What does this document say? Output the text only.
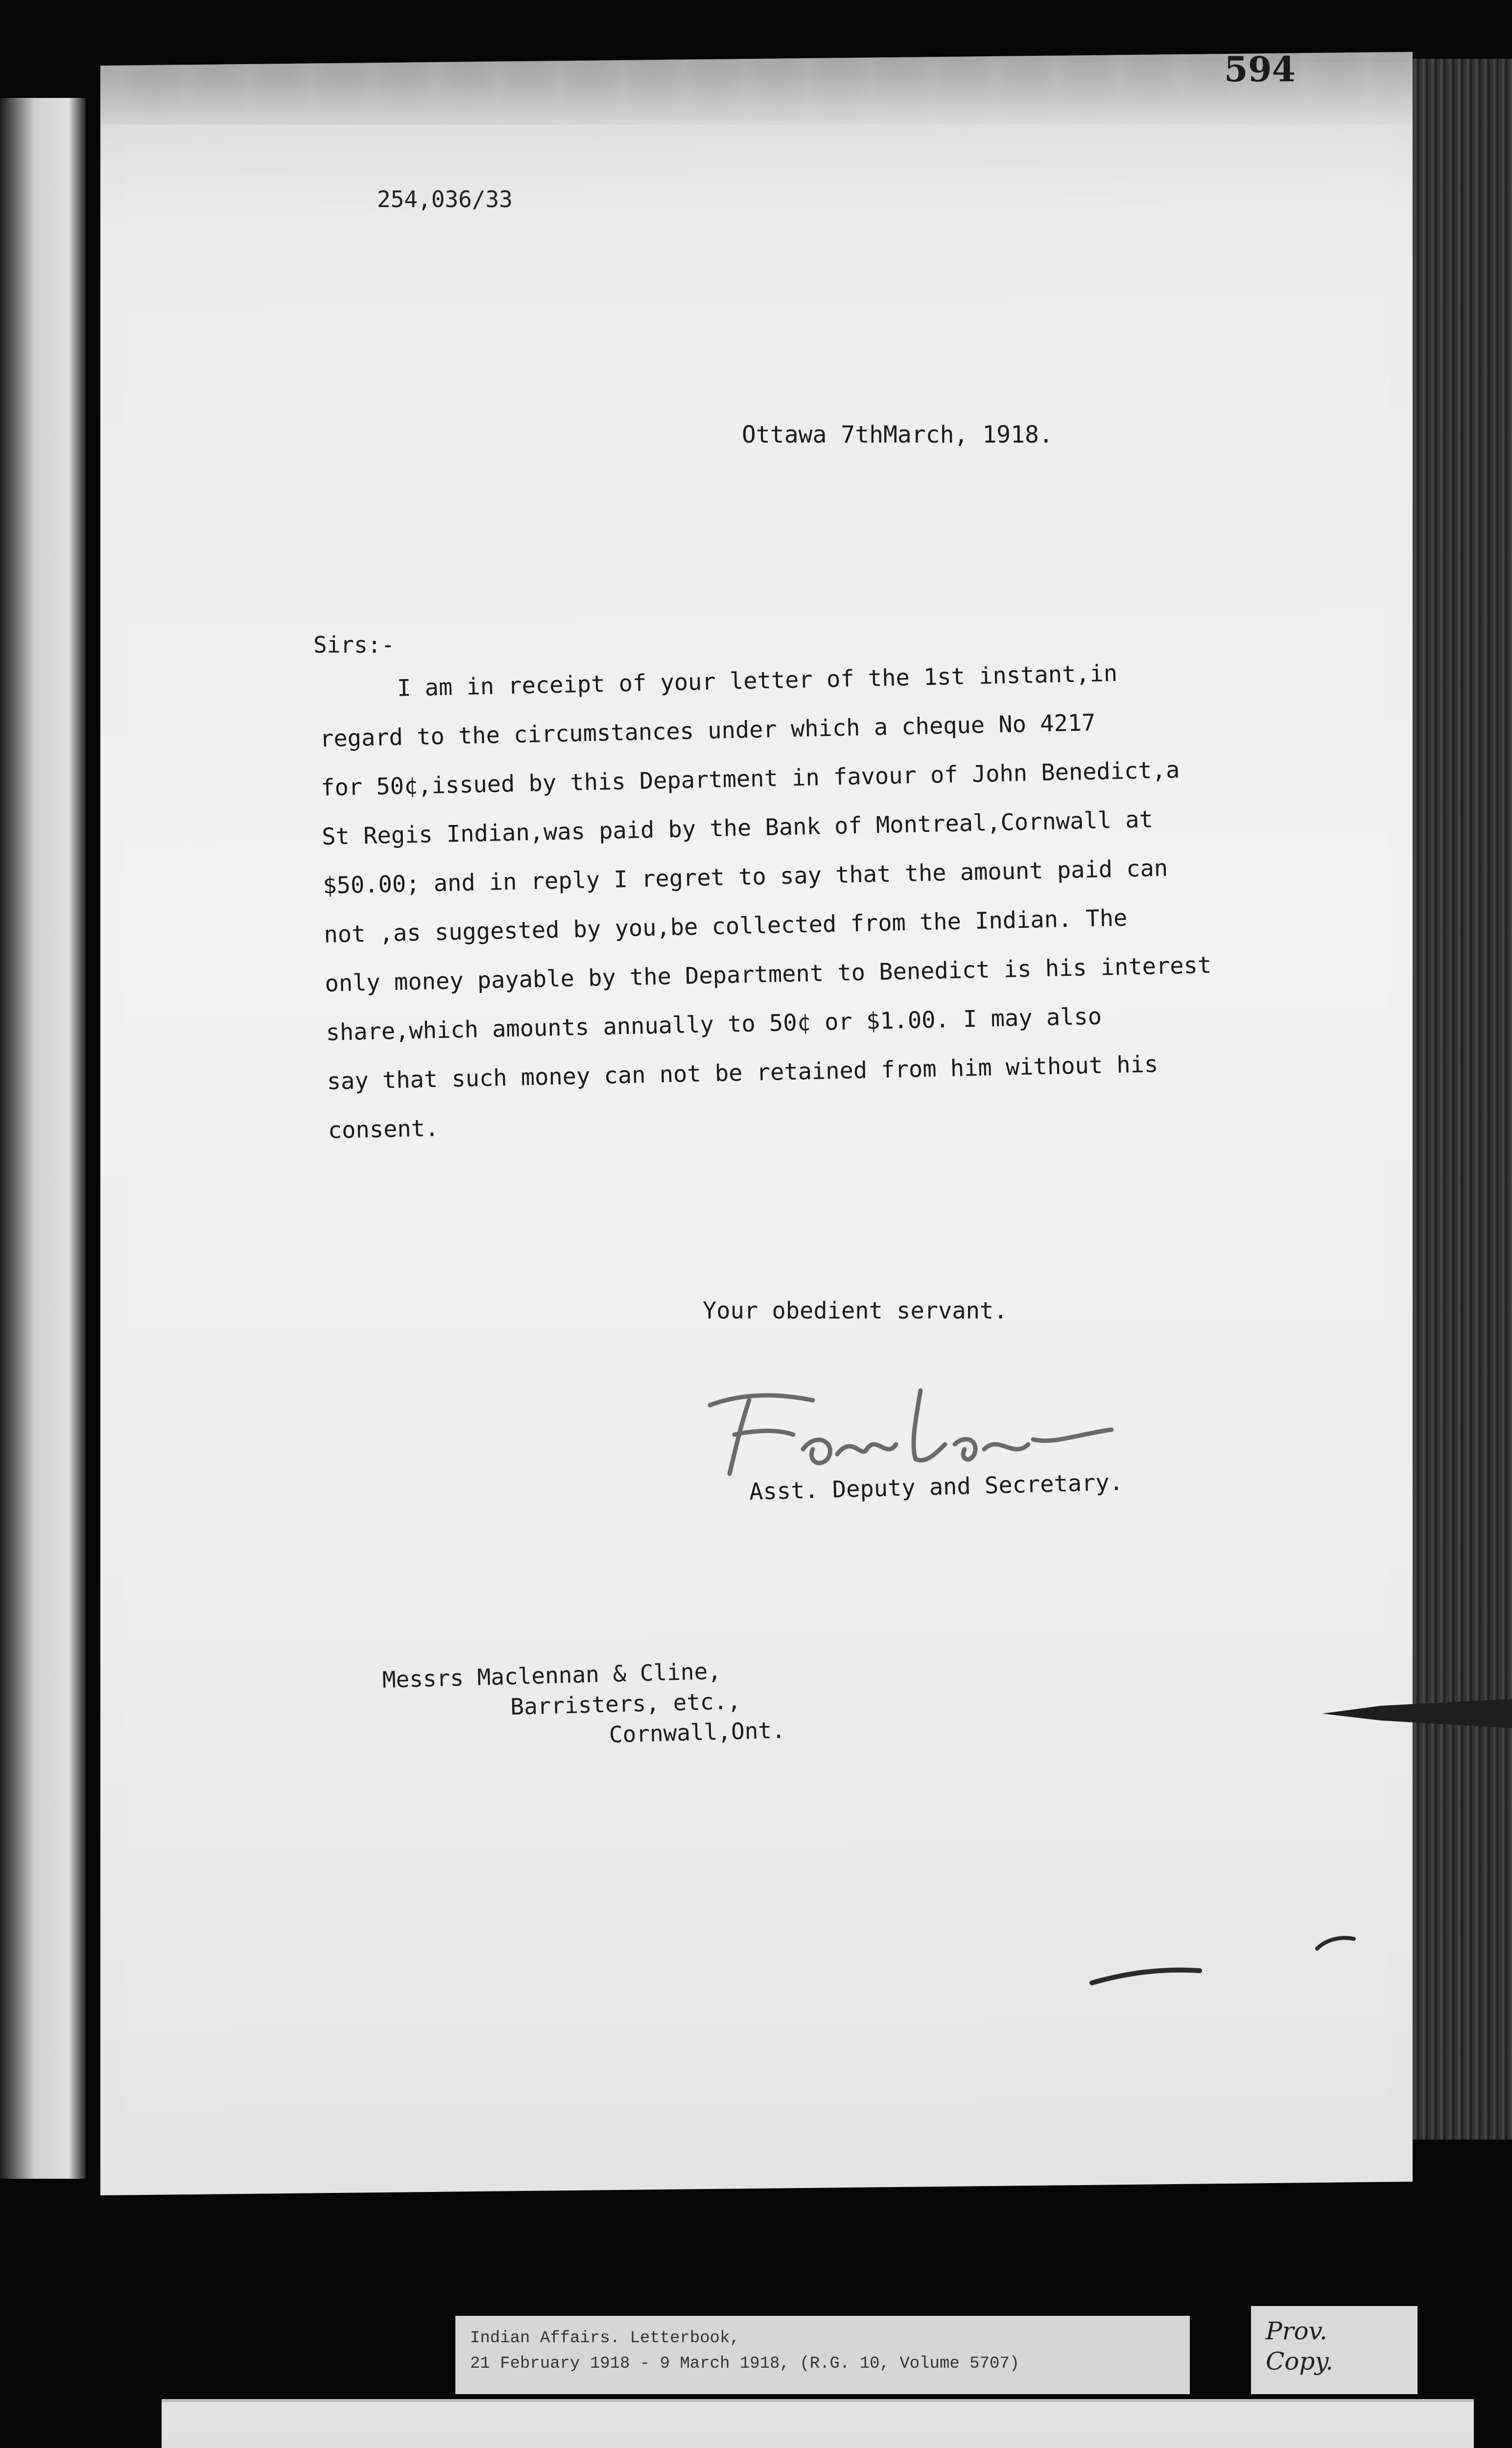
594
254,036/33
Ottawa 7thMarch, 1918.
Sirs:-
I am in receipt of your letter of the 1st instant,in
regard to the circumstances under which a cheque No 4217
for 50¢,issued by this Department in favour of John Benedict,a
St Regis Indian,was paid by the Bank of Montreal,Cornwall at
$50.00; and in reply I regret to say that the amount paid can
not ,as suggested by you,be collected from the Indian. The
only money payable by the Department to Benedict is his interest
share,which amounts annually to 50¢ or $1.00. I may also
say that such money can not be retained from him without his
consent.
Your obedient servant.
Asst. Deputy and Secretary.
Messrs Maclennan & Cline,
Barristers, etc.,
Cornwall,Ont.
Indian Affairs. Letterbook,
21 February 1918 - 9 March 1918, (R.G. 10, Volume 5707)
Prov.
Copy.
